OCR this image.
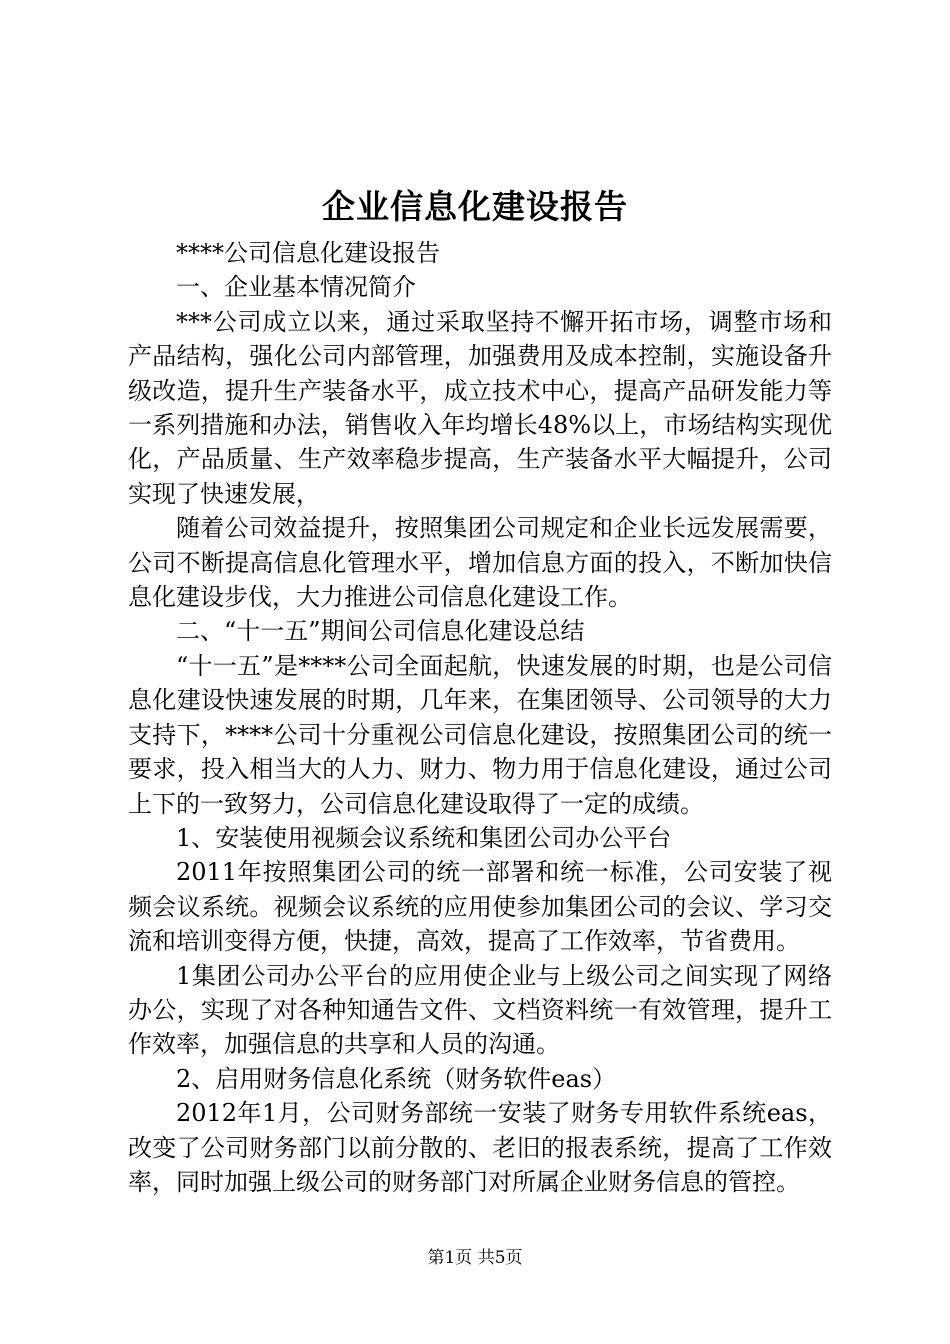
企业信息化建设报告

****公司信息化建设报告

一、企业基本情况简介

***公司成立以来，通过采取坚持不懈开拓市场，调整市场和产品结构，强化公司内部管理，加强费用及成本控制，实施设备升级改造，提升生产装备水平，成立技术中心，提高产品研发能力等一系列措施和办法，销售收入年均增长48%以上，市场结构实现优化，产品质量、生产效率稳步提高，生产装备水平大幅提升，公司实现了快速发展，

随着公司效益提升，按照集团公司规定和企业长远发展需要，公司不断提高信息化管理水平，增加信息方面的投入，不断加快信息化建设步伐，大力推进公司信息化建设工作。

二、“十一五”期间公司信息化建设总结

“十一五”是****公司全面起航，快速发展的时期，也是公司信息化建设快速发展的时期，几年来，在集团领导、公司领导的大力支持下，****公司十分重视公司信息化建设，按照集团公司的统一要求，投入相当大的人力、财力、物力用于信息化建设，通过公司上下的一致努力，公司信息化建设取得了一定的成绩。

1、安装使用视频会议系统和集团公司办公平台

2011年按照集团公司的统一部署和统一标准，公司安装了视频会议系统。视频会议系统的应用使参加集团公司的会议、学习交流和培训变得方便，快捷，高效，提高了工作效率，节省费用。

1集团公司办公平台的应用使企业与上级公司之间实现了网络办公，实现了对各种知通告文件、文档资料统一有效管理，提升工作效率，加强信息的共享和人员的沟通。

2、启用财务信息化系统（财务软件eas）

2012年1月，公司财务部统一安装了财务专用软件系统eas，改变了公司财务部门以前分散的、老旧的报表系统，提高了工作效率，同时加强上级公司的财务部门对所属企业财务信息的管控。

第1页 共5页
